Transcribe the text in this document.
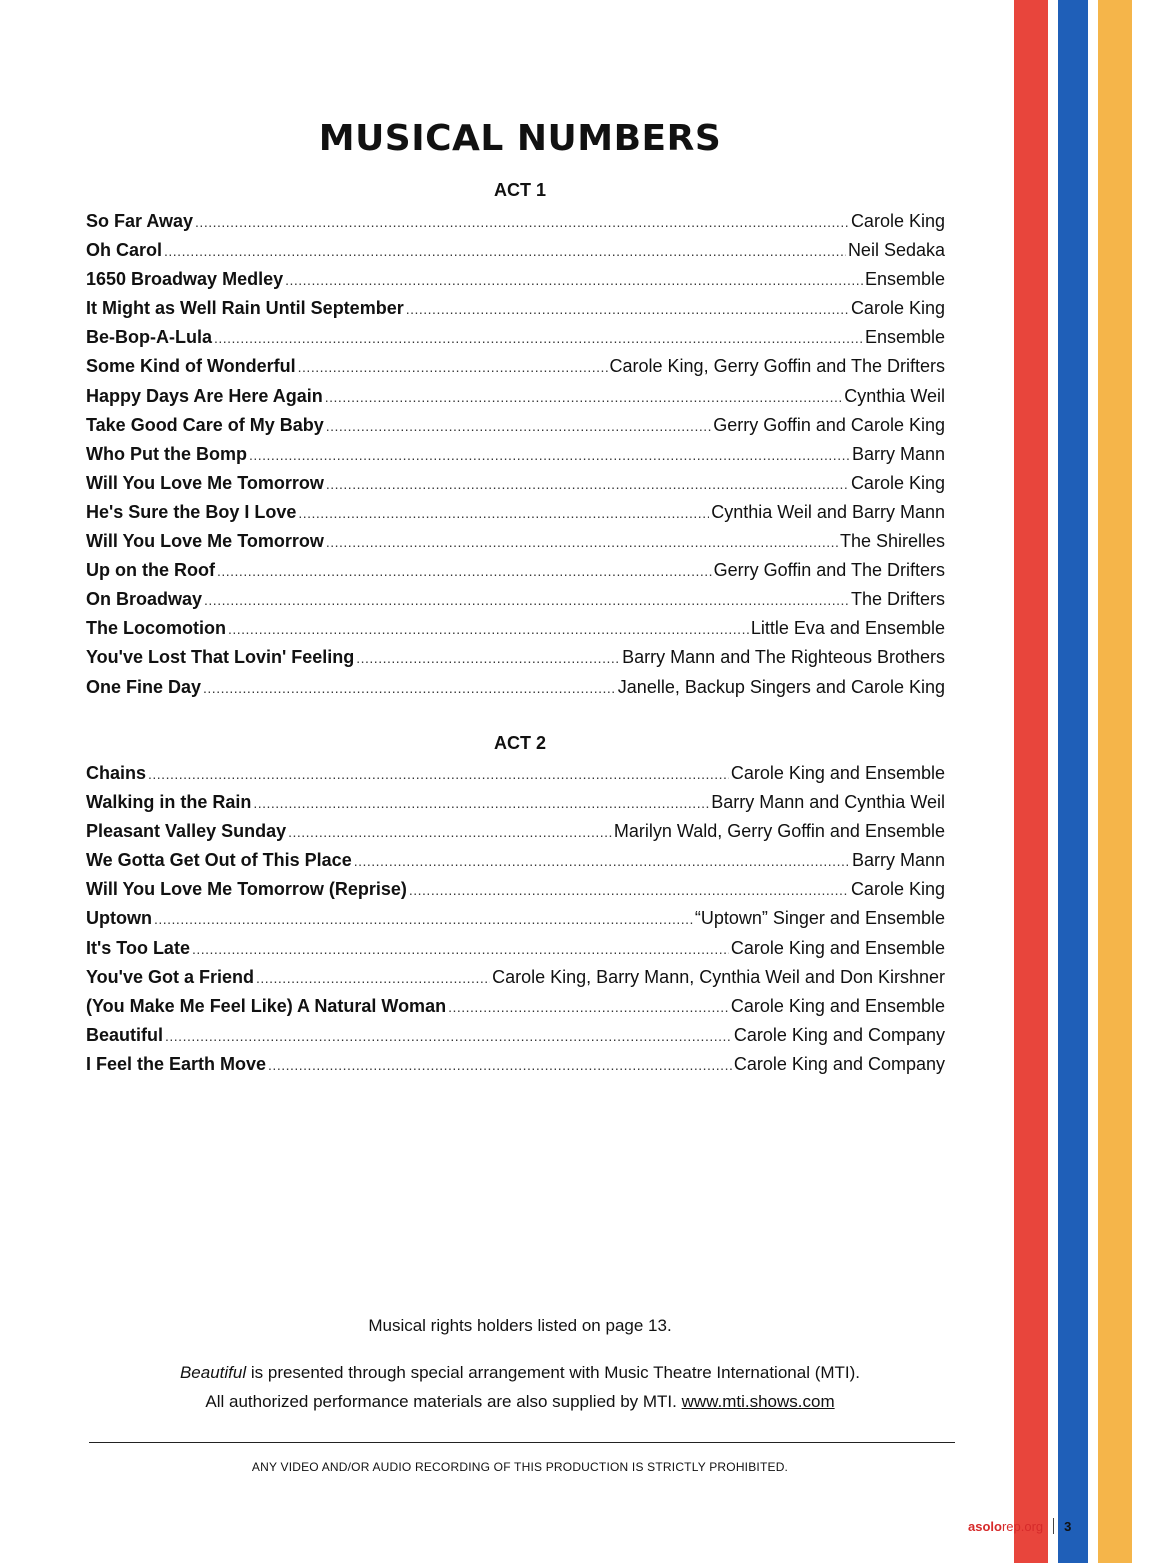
MUSICAL NUMBERS
ACT 1
So Far Away .....	Carole King
Oh Carol .....	Neil Sedaka
1650 Broadway Medley .....	Ensemble
It Might as Well Rain Until September .....	Carole King
Be-Bop-A-Lula .....	Ensemble
Some Kind of Wonderful .....	Carole King, Gerry Goffin and The Drifters
Happy Days Are Here Again .....	Cynthia Weil
Take Good Care of My Baby .....	Gerry Goffin and Carole King
Who Put the Bomp .....	Barry Mann
Will You Love Me Tomorrow .....	Carole King
He's Sure the Boy I Love .....	Cynthia Weil and Barry Mann
Will You Love Me Tomorrow .....	The Shirelles
Up on the Roof .....	Gerry Goffin and The Drifters
On Broadway .....	The Drifters
The Locomotion .....	Little Eva and Ensemble
You've Lost That Lovin' Feeling .....	Barry Mann and The Righteous Brothers
One Fine Day .....	Janelle, Backup Singers and Carole King
ACT 2
Chains .....	Carole King and Ensemble
Walking in the Rain .....	Barry Mann and Cynthia Weil
Pleasant Valley Sunday .....	Marilyn Wald, Gerry Goffin and Ensemble
We Gotta Get Out of This Place .....	Barry Mann
Will You Love Me Tomorrow (Reprise) .....	Carole King
Uptown .....	“Uptown” Singer and Ensemble
It's Too Late .....	Carole King and Ensemble
You've Got a Friend .....	Carole King, Barry Mann, Cynthia Weil and Don Kirshner
(You Make Me Feel Like) A Natural Woman .....	Carole King and Ensemble
Beautiful .....	Carole King and Company
I Feel the Earth Move .....	Carole King and Company
Musical rights holders listed on page 13.
Beautiful is presented through special arrangement with Music Theatre International (MTI).
All authorized performance materials are also supplied by MTI. www.mti.shows.com
ANY VIDEO AND/OR AUDIO RECORDING OF THIS PRODUCTION IS STRICTLY PROHIBITED.
asolorep.org 3
